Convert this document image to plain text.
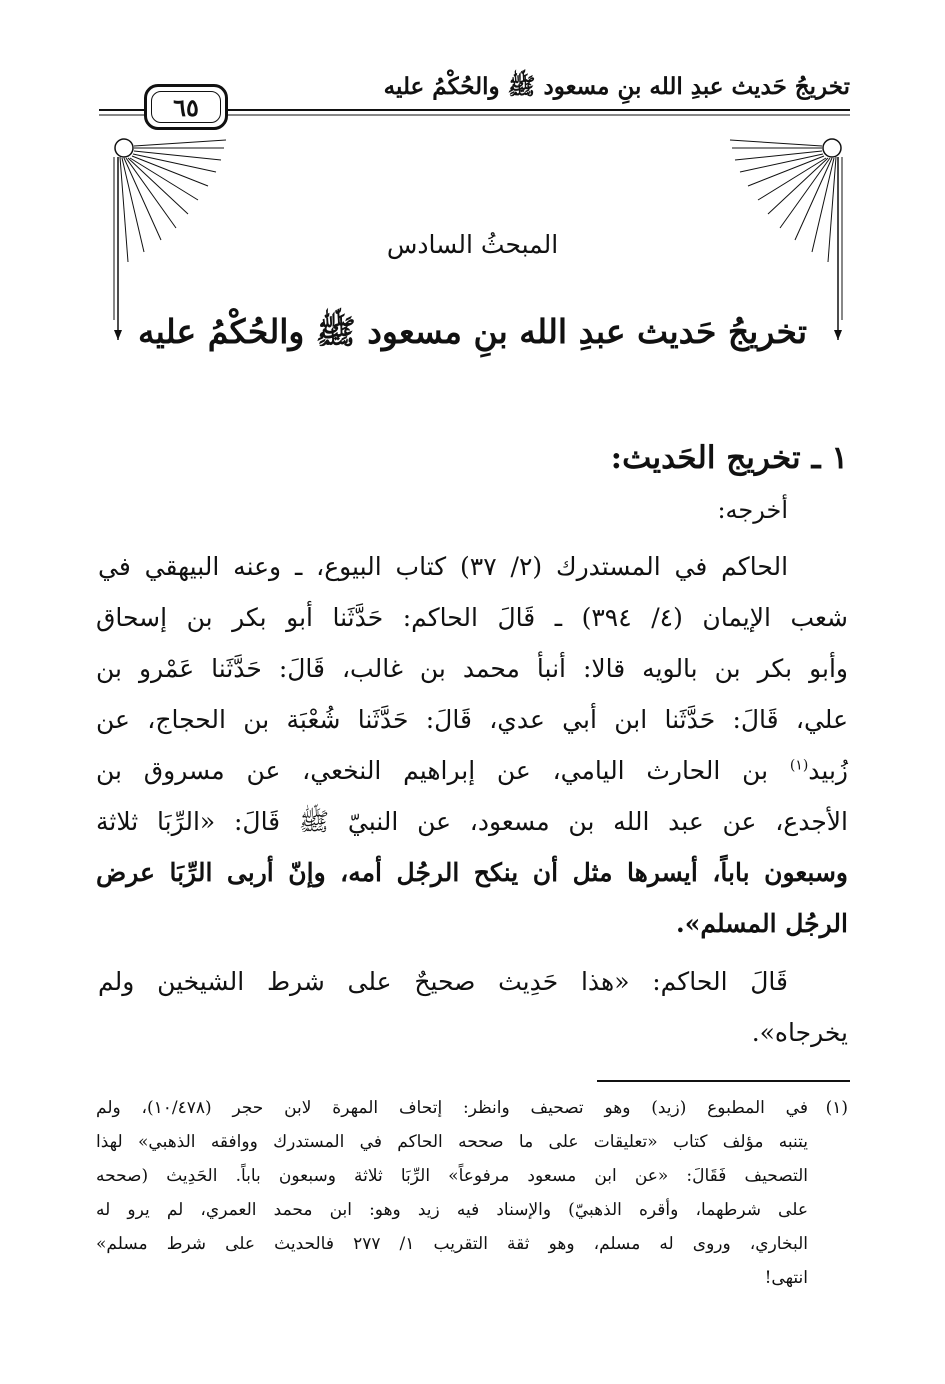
تخريجُ حَديث عبدِ الله بنِ مسعود ﷺ والحُكْمُ عليه
٦٥
المبحثُ السادس
تخريجُ حَديث عبدِ الله بنِ مسعود ﷺ والحُكْمُ عليه
١ ـ تخريج الحَديث:
أخرجه:
الحاكم في المستدرك (٢/ ٣٧) كتاب البيوع، ـ وعنه البيهقي في
شعب الإيمان (٤/ ٣٩٤) ـ قَالَ الحاكم: حَدَّثَنا أبو بكر بن إسحاق
وأبو بكر بن بالويه قالا: أنبأ محمد بن غالب، قَالَ: حَدَّثَنا عَمْرو بن
علي، قَالَ: حَدَّثَنا ابن أبي عدي، قَالَ: حَدَّثَنا شُعْبَة بن الحجاج، عن
زُبيد$^{(١)}$ بن الحارث اليامي، عن إبراهيم النخعي، عن مسروق بن
الأجدع، عن عبد الله بن مسعود، عن النبيّ ﷺ قَالَ: «الرِّبَا ثلاثة
وسبعون باباً، أيسرها مثل أن ينكح الرجُل أمه، وإنّ أربى الرِّبَا عرض
الرجُل المسلم».
قَالَ الحاكم: «هذا حَدِيث صحيحٌ على شرط الشيخين ولم
يخرجاه».
(١)
في المطبوع (زيد) وهو تصحيف وانظر: إتحاف المهرة لابن حجر (١٠/٤٧٨)، ولم
يتنبه مؤلف كتاب «تعليقات على ما صححه الحاكم في المستدرك ووافقه الذهبي» لهذا
التصحيف فَقَالَ: «عن ابن مسعود مرفوعاً» الرِّبَا ثلاثة وسبعون باباً. الحَدِيث (صححه
على شرطهما، وأقره الذهبيّ) والإسناد فيه زيد وهو: ابن محمد العمري، لم يرو له
البخاري، وروى له مسلم، وهو ثقة التقريب ١/ ٢٧٧ فالحديث على شرط مسلم»
انتهى!
